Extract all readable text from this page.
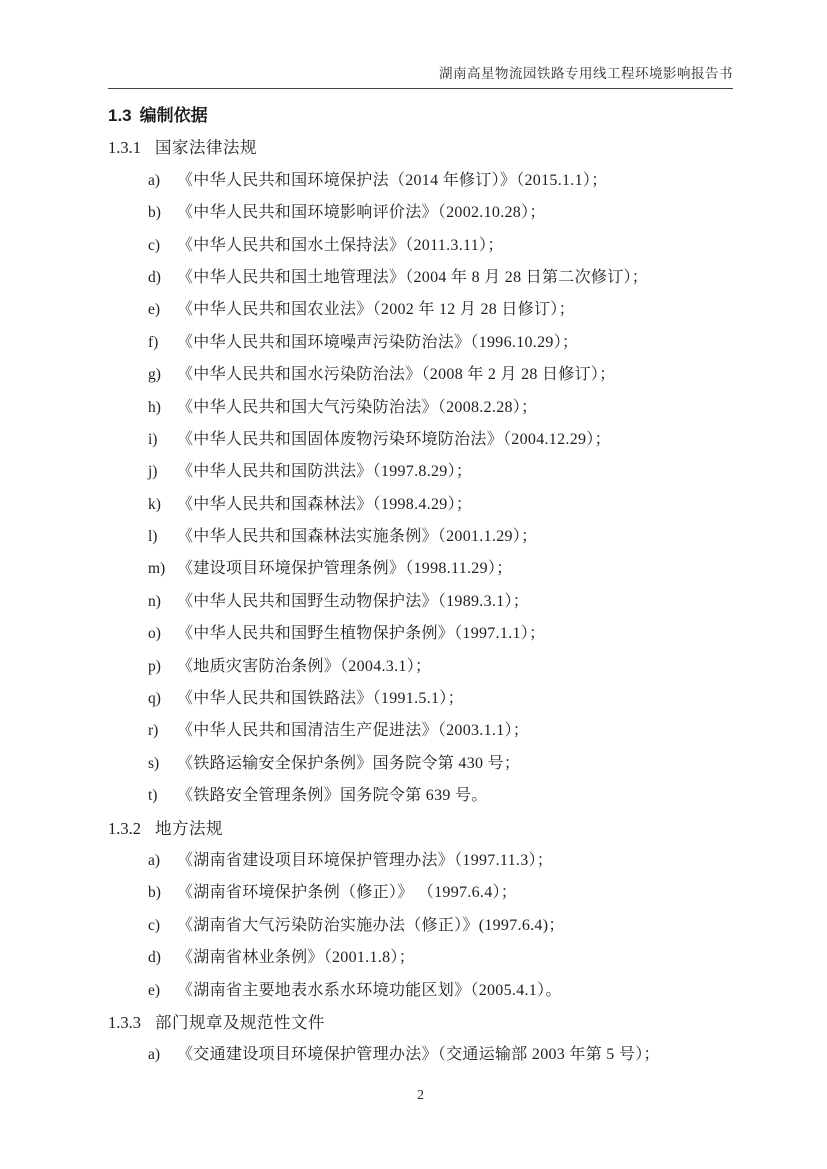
湖南高星物流园铁路专用线工程环境影响报告书
1.3 编制依据
1.3.1 国家法律法规
a)	《中华人民共和国环境保护法（2014 年修订）》（2015.1.1）；
b)	《中华人民共和国环境影响评价法》（2002.10.28）；
c)	《中华人民共和国水土保持法》（2011.3.11）；
d)	《中华人民共和国土地管理法》（2004 年 8 月 28 日第二次修订）；
e)	《中华人民共和国农业法》（2002 年 12 月 28 日修订）；
f)	《中华人民共和国环境噪声污染防治法》（1996.10.29）；
g)	《中华人民共和国水污染防治法》（2008 年 2 月 28 日修订）；
h)	《中华人民共和国大气污染防治法》（2008.2.28）；
i)	《中华人民共和国固体废物污染环境防治法》（2004.12.29）；
j)	《中华人民共和国防洪法》（1997.8.29）；
k)	《中华人民共和国森林法》（1998.4.29）；
l)	《中华人民共和国森林法实施条例》（2001.1.29）；
m) 《建设项目环境保护管理条例》（1998.11.29）；
n)	《中华人民共和国野生动物保护法》（1989.3.1）；
o)	《中华人民共和国野生植物保护条例》（1997.1.1）；
p)	《地质灾害防治条例》（2004.3.1）；
q)	《中华人民共和国铁路法》（1991.5.1）；
r)	《中华人民共和国清洁生产促进法》（2003.1.1）；
s)	《铁路运输安全保护条例》国务院令第 430 号；
t)	《铁路安全管理条例》国务院令第 639 号。
1.3.2 地方法规
a)	《湖南省建设项目环境保护管理办法》（1997.11.3）；
b)	《湖南省环境保护条例（修正）》 （1997.6.4）；
c)	《湖南省大气污染防治实施办法（修正）》(1997.6.4)；
d)	《湖南省林业条例》（2001.1.8）；
e)	《湖南省主要地表水系水环境功能区划》（2005.4.1）。
1.3.3 部门规章及规范性文件
a)	《交通建设项目环境保护管理办法》（交通运输部 2003 年第 5 号）；
2
